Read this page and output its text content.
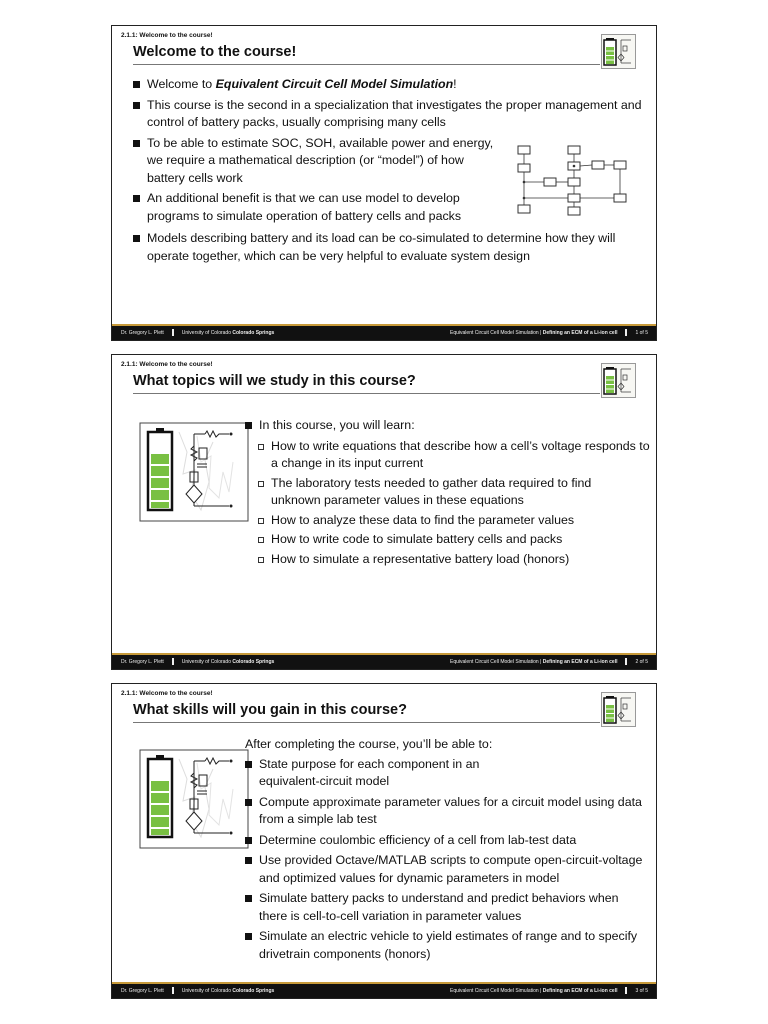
2.1.1: Welcome to the course!
Welcome to the course!
Welcome to Equivalent Circuit Cell Model Simulation!
This course is the second in a specialization that investigates the proper management and control of battery packs, usually comprising many cells
To be able to estimate SOC, SOH, available power and energy, we require a mathematical description (or “model”) of how battery cells work
An additional benefit is that we can use model to develop programs to simulate operation of battery cells and packs
Models describing battery and its load can be co-simulated to determine how they will operate together, which can be very helpful to evaluate system design
Dr. Gregory L. Plett	University of Colorado Colorado Springs	Equivalent Circuit Cell Model Simulation | Defining an ECM of a Li-ion cell	1 of 5
2.1.1: Welcome to the course!
What topics will we study in this course?
In this course, you will learn:
How to write equations that describe how a cell’s voltage responds to a change in its input current
The laboratory tests needed to gather data required to find unknown parameter values in these equations
How to analyze these data to find the parameter values
How to write code to simulate battery cells and packs
How to simulate a representative battery load (honors)
Dr. Gregory L. Plett	University of Colorado Colorado Springs	Equivalent Circuit Cell Model Simulation | Defining an ECM of a Li-ion cell	2 of 5
2.1.1: Welcome to the course!
What skills will you gain in this course?
After completing the course, you’ll be able to:
State purpose for each component in an equivalent-circuit model
Compute approximate parameter values for a circuit model using data from a simple lab test
Determine coulombic efficiency of a cell from lab-test data
Use provided Octave/MATLAB scripts to compute open-circuit-voltage and optimized values for dynamic parameters in model
Simulate battery packs to understand and predict behaviors when there is cell-to-cell variation in parameter values
Simulate an electric vehicle to yield estimates of range and to specify drivetrain components (honors)
Dr. Gregory L. Plett	University of Colorado Colorado Springs	Equivalent Circuit Cell Model Simulation | Defining an ECM of a Li-ion cell	3 of 5
